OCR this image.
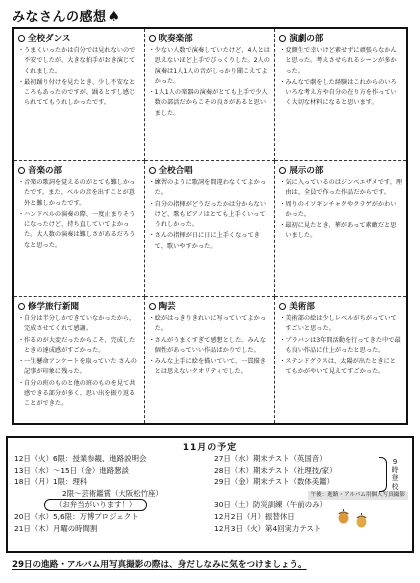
みなさんの感想♠
全校ダンス
・ うまくいったかは自分では見れないので不安でしたが、大きな拍手がおき演じてくれました。
・ 最初踊り付けを見たとき、少し不安なところもあったのですが、踊るとすし感じられててもうれしかったです。
吹奏楽部
・ 少ない人数で演奏していたけど、4人とは思えないほど上手でびっくりした。2人の演奏は1人1人の音がしっかり聞こえてよかった。
・ 1人1人の楽器の演奏がとても上手で少人数の部活だからこその良さがあると思いました。
演劇の部
・ 変顔生で幸いけど素せずに頑張らなかんと思った。考えさせられるシーンが多かった。
・ みんなで劇をした経験はこれからのいろいろな考え方や自分の在り方を作っていく大切な材料になると思います。
音楽の部
・ 音楽の歌詞を覚えるのがとても難しかったです。また、ベルの音を出すことが意外と難しかったです。
・ ハンドベルの演奏の際、一度止まりそうになったけど、持ち直していてよかった。大人数の演奏は難しさがあるだろうなと思った。
全校合唱
・ 練習のように歌詞を間違わなくてよかった。
・ 自分の指揮がどうだったかは分からないけど、歌もピアノはとても上手くいってうれしかった。
・ さんの指揮が日に日に上手くなってきて、歌いやすかった。
展示の部
・ 気に入っているのはジンベエザメです。理由は、全員で作った作品だからです。
・ 周りのイソギンチャクやクラゲがかわいかった。
・ 最初に見たとき、華があって素敵だと思いました。
修学旅行新聞
・ 自分は半分しかできていなかったから、完成させてくれて感謝。
・ 作るのが大変だったからこそ、完成したときの達成感がすごかった。
・ 一生懸命アンケートを取っていた さんの記事が印象に残った。
・ 自分の班のものと他の班のものを見て共感できる部分が多く、思い出を振り返ることができた。
陶芸
・ 絵がはっきりきれいに写っていてよかった。
・ さんがうまくすぎて感想とした。みんな個性があっていい作品ばかりでした。
・ みんな上手に絵を描いていて、一貫描きとは思えないクオリティでした。
美術部
・ 美術部の絵は少しレベルがちがっていてすごいと思った。
・ プラバンは3年間活動を行ってきた中で最も良い作品に仕上がったと思った。
・ ステンドグラスは、太陽が出たときにとてもかがやいて見えてすごかった。
11月の予定
12日（火）6限：授業参観、進路説明会
13日（水）～15日（金）進路懇談
18日（月）1限：理科
2限～芸術鑑賞（大阪松竹座）
（お弁当がいります！）
20日（水）5,6限：万博プロジェクト
21日（木）月曜の時間割
27日（水）期末テスト（英国音）
28日（木）期末テスト（社理技/家）
29日（金）期末テスト（数体美鑑）
午後：進路・アルバム用個人写真撮影
30日（土）防災訓練（午前のみ）
12月2日（月）振替休日
12月3日（火）第4回実力テスト
9時登校
29日の進路・アルバム用写真撮影の際は、身だしなみに気をつけましょう。
